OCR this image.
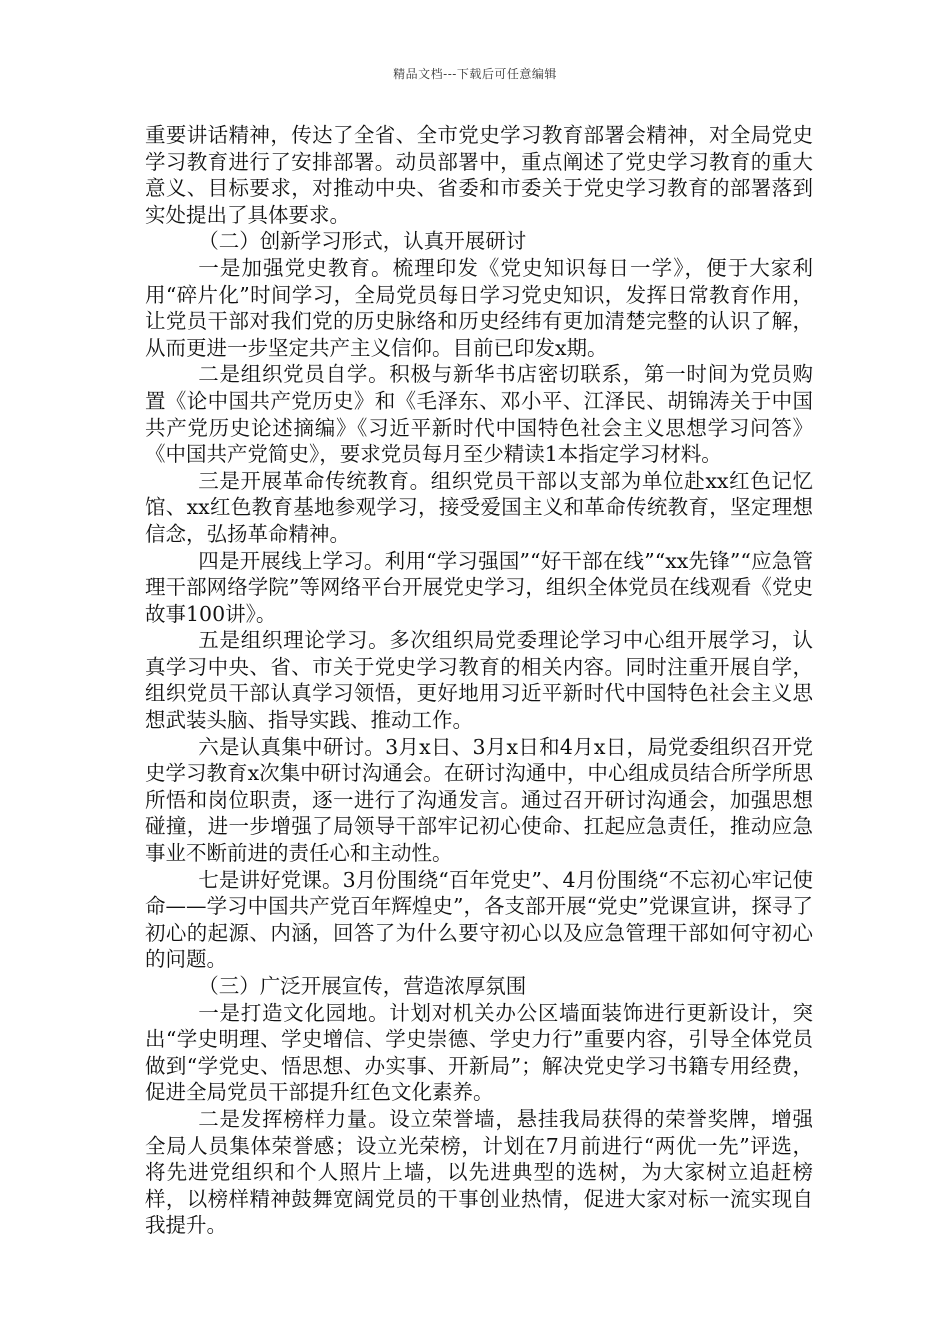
精品文档---下载后可任意编辑

重要讲话精神，传达了全省、全市党史学习教育部署会精神，对全局党史学习教育进行了安排部署。动员部署中，重点阐述了党史学习教育的重大意义、目标要求，对推动中央、省委和市委关于党史学习教育的部署落到实处提出了具体要求。

（二）创新学习形式，认真开展研讨

一是加强党史教育。梳理印发《党史知识每日一学》，便于大家利用“碎片化”时间学习，全局党员每日学习党史知识，发挥日常教育作用，让党员干部对我们党的历史脉络和历史经纬有更加清楚完整的认识了解，从而更进一步坚定共产主义信仰。目前已印发x期。

二是组织党员自学。积极与新华书店密切联系，第一时间为党员购置《论中国共产党历史》和《毛泽东、邓小平、江泽民、胡锦涛关于中国共产党历史论述摘编》《习近平新时代中国特色社会主义思想学习问答》《中国共产党简史》，要求党员每月至少精读1本指定学习材料。

三是开展革命传统教育。组织党员干部以支部为单位赴xx红色记忆馆、xx红色教育基地参观学习，接受爱国主义和革命传统教育，坚定理想信念，弘扬革命精神。

四是开展线上学习。利用“学习强国”“好干部在线”“xx先锋”“应急管理干部网络学院”等网络平台开展党史学习，组织全体党员在线观看《党史故事100讲》。

五是组织理论学习。多次组织局党委理论学习中心组开展学习，认真学习中央、省、市关于党史学习教育的相关内容。同时注重开展自学，组织党员干部认真学习领悟，更好地用习近平新时代中国特色社会主义思想武装头脑、指导实践、推动工作。

六是认真集中研讨。3月x日、3月x日和4月x日，局党委组织召开党史学习教育x次集中研讨沟通会。在研讨沟通中，中心组成员结合所学所思所悟和岗位职责，逐一进行了沟通发言。通过召开研讨沟通会，加强思想碰撞，进一步增强了局领导干部牢记初心使命、扛起应急责任，推动应急事业不断前进的责任心和主动性。

七是讲好党课。3月份围绕“百年党史”、4月份围绕“不忘初心牢记使命——学习中国共产党百年辉煌史”，各支部开展“党史”党课宣讲，探寻了初心的起源、内涵，回答了为什么要守初心以及应急管理干部如何守初心的问题。

（三）广泛开展宣传，营造浓厚氛围

一是打造文化园地。计划对机关办公区墙面装饰进行更新设计，突出“学史明理、学史增信、学史崇德、学史力行”重要内容，引导全体党员做到“学党史、悟思想、办实事、开新局”；解决党史学习书籍专用经费，促进全局党员干部提升红色文化素养。

二是发挥榜样力量。设立荣誉墙，悬挂我局获得的荣誉奖牌，增强全局人员集体荣誉感；设立光荣榜，计划在7月前进行“两优一先”评选，将先进党组织和个人照片上墙，以先进典型的选树，为大家树立追赶榜样，以榜样精神鼓舞宽阔党员的干事创业热情，促进大家对标一流实现自我提升。
